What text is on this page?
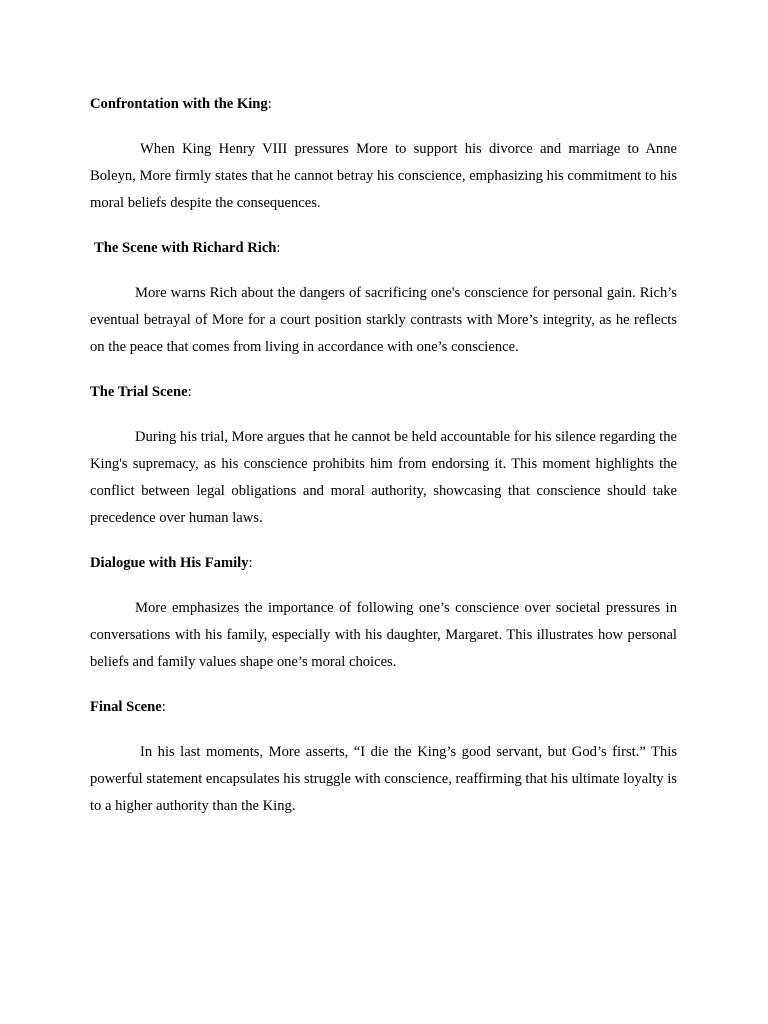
Confrontation with the King:

When King Henry VIII pressures More to support his divorce and marriage to Anne Boleyn, More firmly states that he cannot betray his conscience, emphasizing his commitment to his moral beliefs despite the consequences.

The Scene with Richard Rich:

More warns Rich about the dangers of sacrificing one's conscience for personal gain. Rich’s eventual betrayal of More for a court position starkly contrasts with More’s integrity, as he reflects on the peace that comes from living in accordance with one’s conscience.

The Trial Scene:

During his trial, More argues that he cannot be held accountable for his silence regarding the King's supremacy, as his conscience prohibits him from endorsing it. This moment highlights the conflict between legal obligations and moral authority, showcasing that conscience should take precedence over human laws.

Dialogue with His Family:

More emphasizes the importance of following one’s conscience over societal pressures in conversations with his family, especially with his daughter, Margaret. This illustrates how personal beliefs and family values shape one’s moral choices.

Final Scene:

In his last moments, More asserts, “I die the King’s good servant, but God’s first.” This powerful statement encapsulates his struggle with conscience, reaffirming that his ultimate loyalty is to a higher authority than the King.
